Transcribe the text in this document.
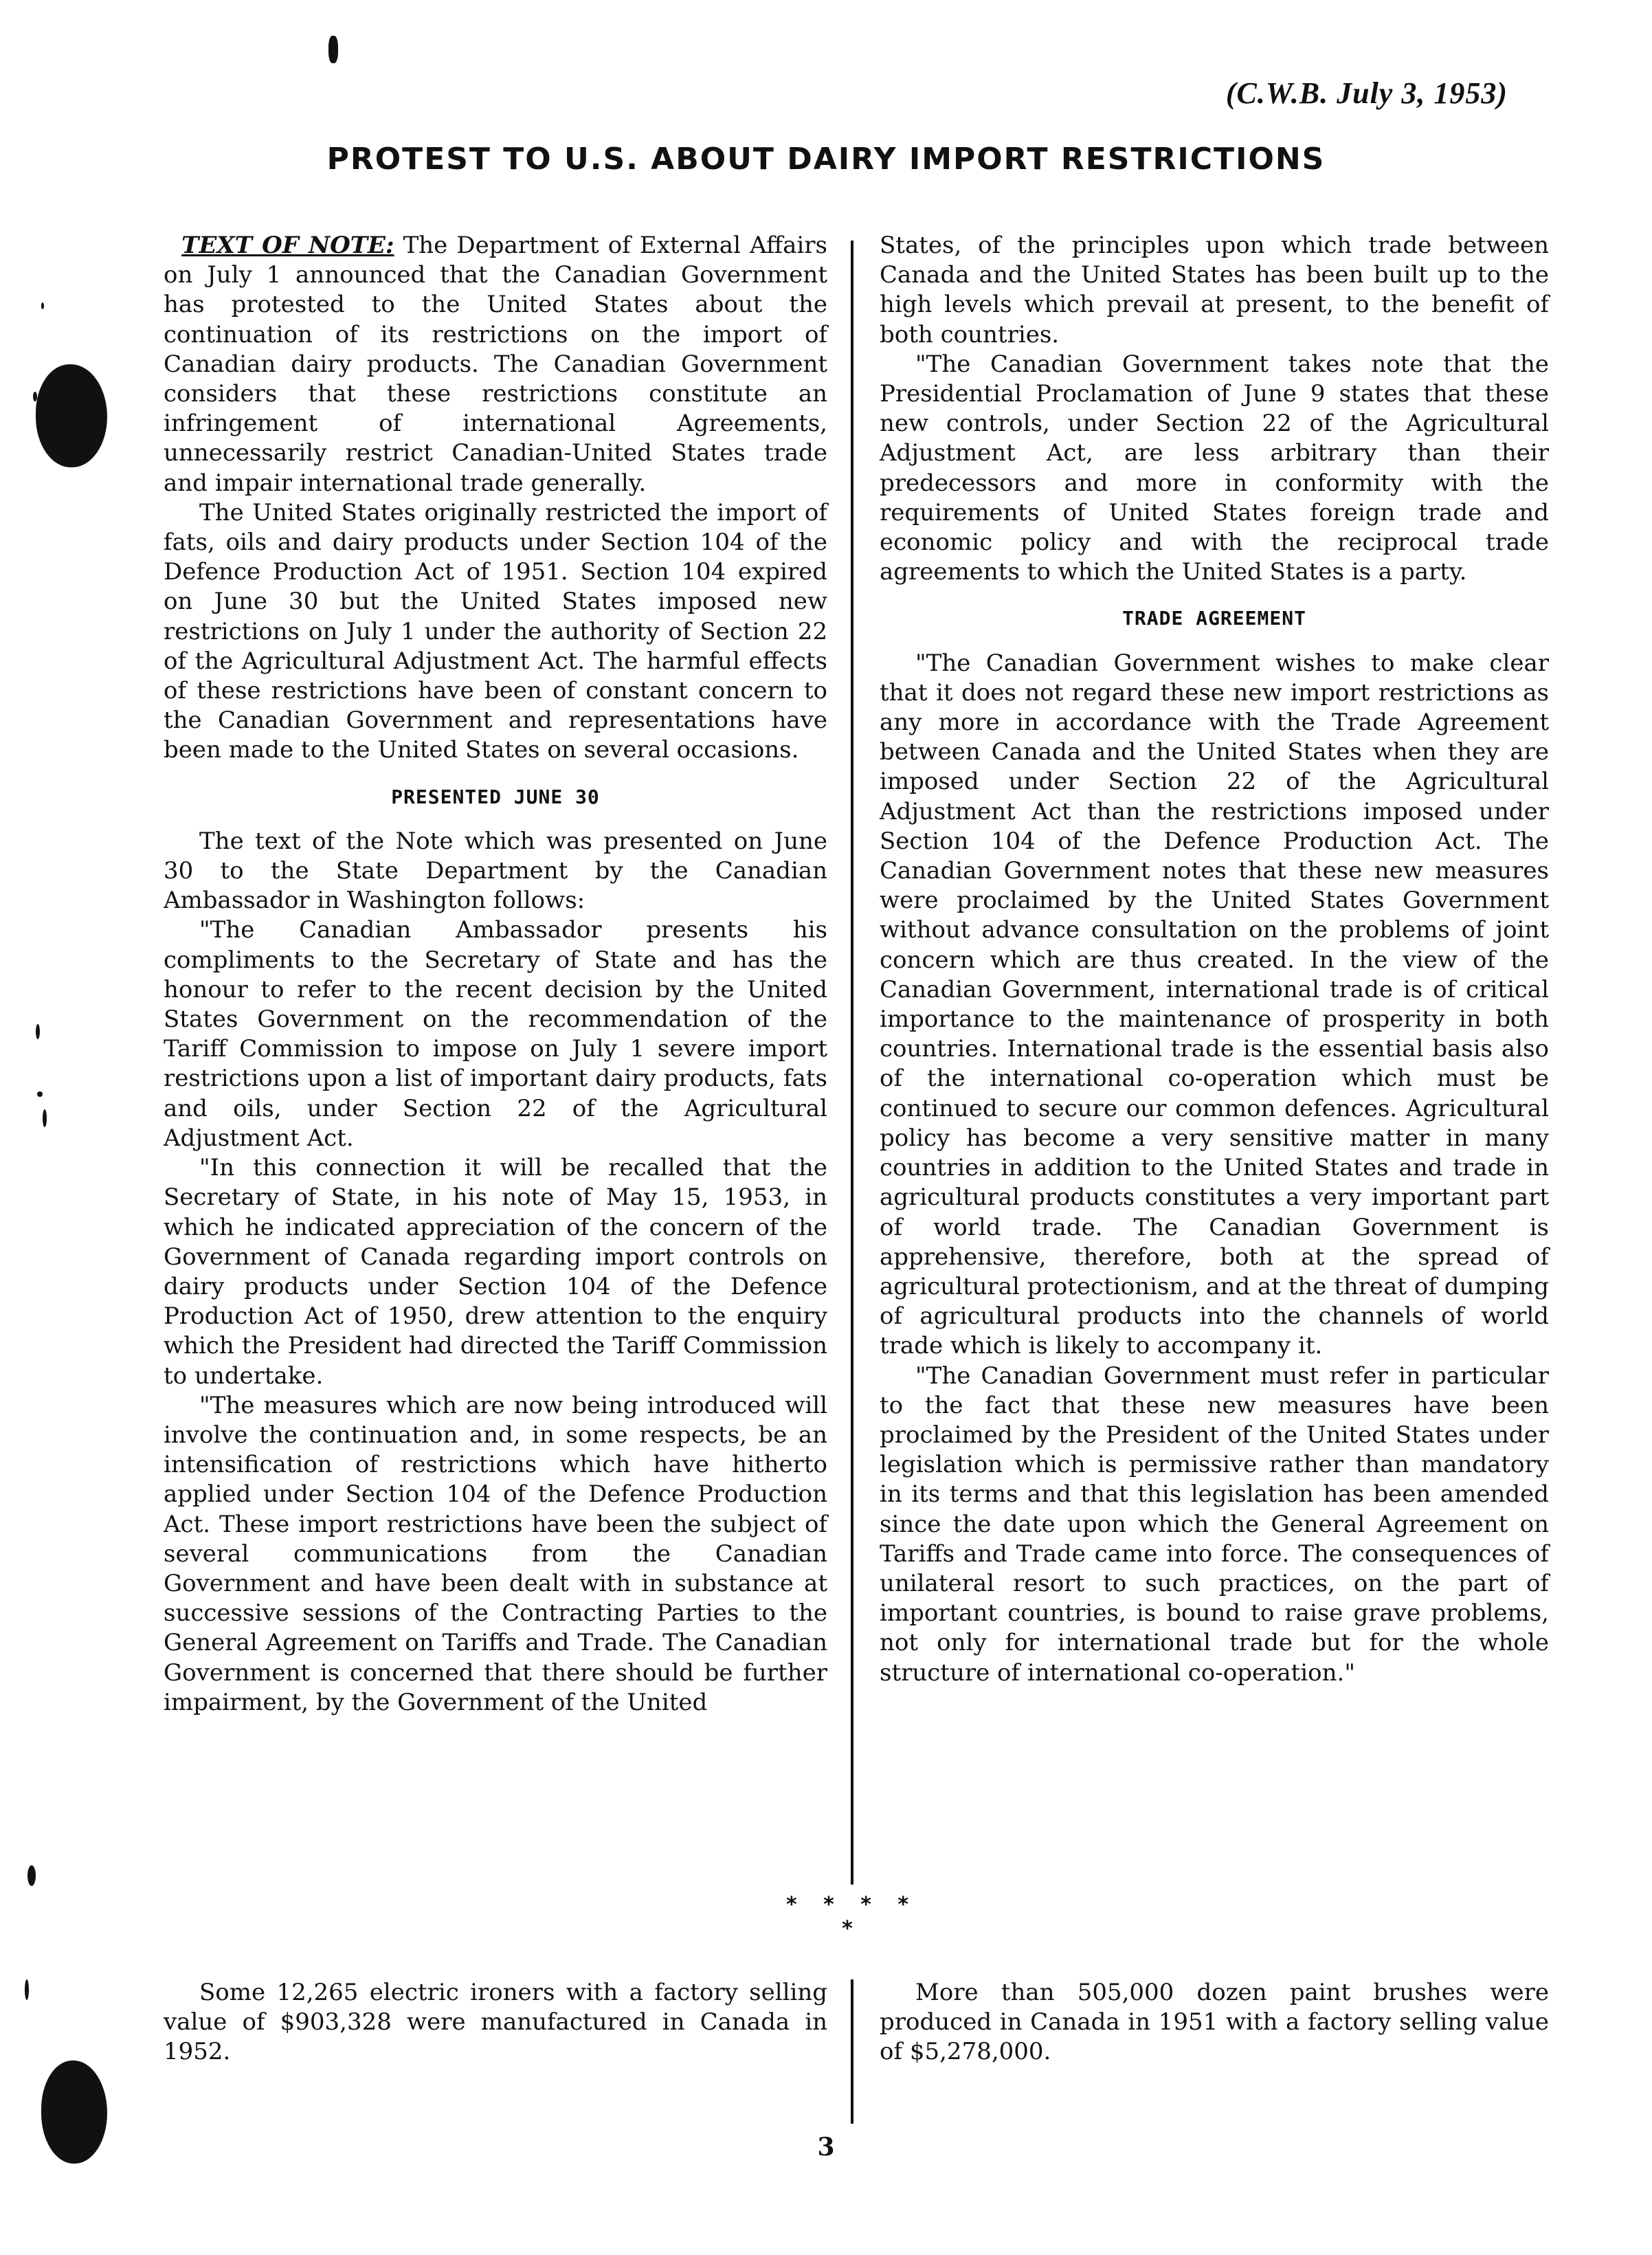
(C.W.B. July 3, 1953)
PROTEST TO U.S. ABOUT DAIRY IMPORT RESTRICTIONS

TEXT OF NOTE: The Department of External Affairs on July 1 announced that the Canadian Government has protested to the United States about the continuation of its restrictions on the import of Canadian dairy products. The Canadian Government considers that these restrictions constitute an infringement of international Agreements, unnecessarily restrict Canadian-United States trade and impair international trade generally.

The United States originally restricted the import of fats, oils and dairy products under Section 104 of the Defence Production Act of 1951. Section 104 expired on June 30 but the United States imposed new restrictions on July 1 under the authority of Section 22 of the Agricultural Adjustment Act. The harmful effects of these restrictions have been of constant concern to the Canadian Government and representations have been made to the United States on several occasions.

PRESENTED JUNE 30

The text of the Note which was presented on June 30 to the State Department by the Canadian Ambassador in Washington follows:

"The Canadian Ambassador presents his compliments to the Secretary of State and has the honour to refer to the recent decision by the United States Government on the recommendation of the Tariff Commission to impose on July 1 severe import restrictions upon a list of important dairy products, fats and oils, under Section 22 of the Agricultural Adjustment Act.

"In this connection it will be recalled that the Secretary of State, in his note of May 15, 1953, in which he indicated appreciation of the concern of the Government of Canada regarding import controls on dairy products under Section 104 of the Defence Production Act of 1950, drew attention to the enquiry which the President had directed the Tariff Commission to undertake.

"The measures which are now being introduced will involve the continuation and, in some respects, be an intensification of restrictions which have hitherto applied under Section 104 of the Defence Production Act. These import restrictions have been the subject of several communications from the Canadian Government and have been dealt with in substance at successive sessions of the Contracting Parties to the General Agreement on Tariffs and Trade. The Canadian Government is concerned that there should be further impairment, by the Government of the United

States, of the principles upon which trade between Canada and the United States has been built up to the high levels which prevail at present, to the benefit of both countries.

"The Canadian Government takes note that the Presidential Proclamation of June 9 states that these new controls, under Section 22 of the Agricultural Adjustment Act, are less arbitrary than their predecessors and more in conformity with the requirements of United States foreign trade and economic policy and with the reciprocal trade agreements to which the United States is a party.

TRADE AGREEMENT

"The Canadian Government wishes to make clear that it does not regard these new import restrictions as any more in accordance with the Trade Agreement between Canada and the United States when they are imposed under Section 22 of the Agricultural Adjustment Act than the restrictions imposed under Section 104 of the Defence Production Act. The Canadian Government notes that these new measures were proclaimed by the United States Government without advance consultation on the problems of joint concern which are thus created. In the view of the Canadian Government, international trade is of critical importance to the maintenance of prosperity in both countries. International trade is the essential basis also of the international co-operation which must be continued to secure our common defences. Agricultural policy has become a very sensitive matter in many countries in addition to the United States and trade in agricultural products constitutes a very important part of world trade. The Canadian Government is apprehensive, therefore, both at the spread of agricultural protectionism, and at the threat of dumping of agricultural products into the channels of world trade which is likely to accompany it.

"The Canadian Government must refer in particular to the fact that these new measures have been proclaimed by the President of the United States under legislation which is permissive rather than mandatory in its terms and that this legislation has been amended since the date upon which the General Agreement on Tariffs and Trade came into force. The consequences of unilateral resort to such practices, on the part of important countries, is bound to raise grave problems, not only for international trade but for the whole structure of international co-operation."

* * * * *

Some 12,265 electric ironers with a factory selling value of $903,328 were manufactured in Canada in 1952.

More than 505,000 dozen paint brushes were produced in Canada in 1951 with a factory selling value of $5,278,000.

3
